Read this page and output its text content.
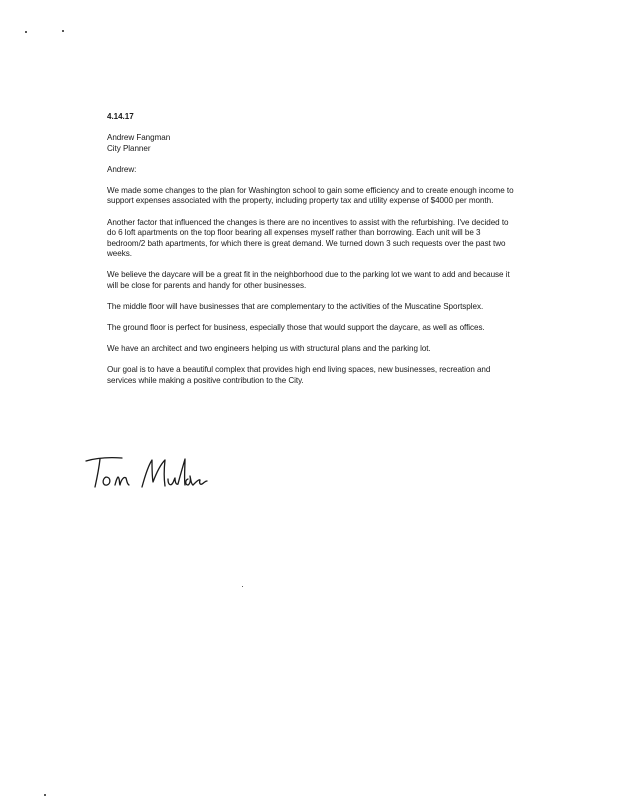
4.14.17

Andrew Fangman

City Planner

Andrew:

We made some changes to the plan for Washington school to gain some efficiency and to create enough income to support expenses associated with the property, including property tax and utility expense of $4000 per month.

Another factor that influenced the changes is there are no incentives to assist with the refurbishing. I've decided to do 6 loft apartments on the top floor bearing all expenses myself rather than borrowing. Each unit will be 3 bedroom/2 bath apartments, for which there is great demand. We turned down 3 such requests over the past two weeks.

We believe the daycare will be a great fit in the neighborhood due to the parking lot we want to add and because it will be close for parents and handy for other businesses.

The middle floor will have businesses that are complementary to the activities of the Muscatine Sportsplex.

The ground floor is perfect for business, especially those that would support the daycare, as well as offices.

We have an architect and two engineers helping us with structural plans and the parking lot.

Our goal is to have a beautiful complex that provides high end living spaces, new businesses, recreation and services while making a positive contribution to the City.
